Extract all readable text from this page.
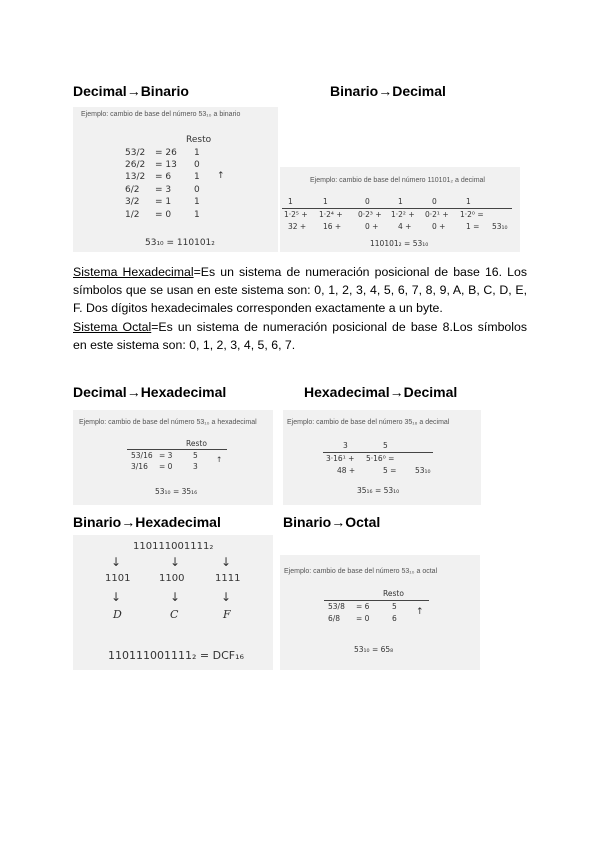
Decimal→Binario	Binario→Decimal
Ejemplo: cambio de base del número 53₁₀ a binario
Resto
53/2 = 26 1
26/2 = 13 0
13/2 = 6	1
6/2 = 3	0
3/2 = 1	1
1/2 = 0	1
↑
53₁₀ = 110101₂
Ejemplo: cambio de base del número 110101₂ a decimal
1	1	0	1	0	1
1·2⁵ + 1·2⁴ + 0·2³ + 1·2² + 0·2¹ + 1·2⁰ =
32 + 16 +	0 +	4 +	0 +	1 = 53₁₀
110101₂ = 53₁₀

Sistema Hexadecimal=Es un sistema de numeración posicional de base 16. Los símbolos que se usan en este sistema son: 0, 1, 2, 3, 4, 5, 6, 7, 8, 9, A, B, C, D, E, F. Dos dígitos hexadecimales corresponden exactamente a un byte.

Sistema Octal=Es un sistema de numeración posicional de base 8.Los símbolos en este sistema son: 0, 1, 2, 3, 4, 5, 6, 7.

Decimal→Hexadecimal	Hexadecimal→Decimal
Ejemplo: cambio de base del número 53₁₀ a hexadecimal
Resto
53/16 = 3	5
3/16 = 0	3
↑
53₁₀ = 35₁₆
Ejemplo: cambio de base del número 35₁₆ a decimal
3	5
3·16¹ + 5·16⁰ =
48 +	5 = 53₁₀
35₁₆ = 53₁₀
Binario→Hexadecimal	Binario→Octal
110111001111₂
↓	↓	↓
1101	1100	1111
↓	↓	↓
D	C	F
110111001111₂ = DCF₁₆
Ejemplo: cambio de base del número 53₁₀ a octal
Resto
53/8 = 6	5
6/8 = 0	6
↑
53₁₀ = 65₈
